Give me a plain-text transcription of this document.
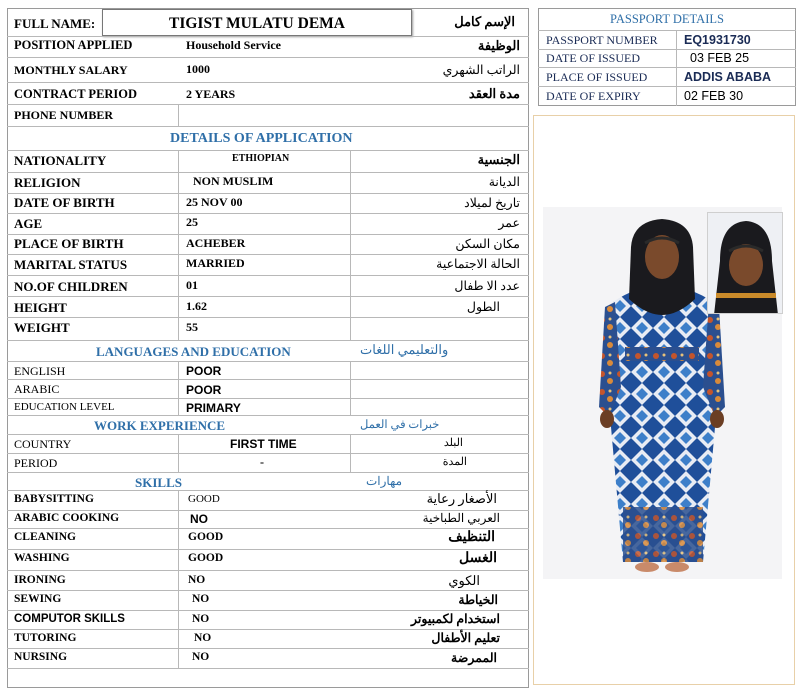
FULL NAME:	TIGIST MULATU DEMA	الإسم كامل
POSITION APPLIED	Household Service	الوظيفة
MONTHLY SALARY	1000	الراتب الشهري
CONTRACT PERIOD	2 YEARS	مدة العقد
PHONE NUMBER
DETAILS OF APPLICATION
NATIONALITY	ETHIOPIAN	الجنسية
RELIGION	NON MUSLIM	الديانة
DATE OF BIRTH	25 NOV 00	تاريخ لميلاد
AGE	25	عمر
PLACE OF BIRTH	ACHEBER	مكان السكن
MARITAL STATUS	MARRIED	الحالة الاجتماعية
NO.OF CHILDREN	01	عدد الا طفال
HEIGHT	1.62	الطول
WEIGHT	55
LANGUAGES AND EDUCATION	والتعليمي اللغات
ENGLISH	POOR
ARABIC	POOR
EDUCATION LEVEL	PRIMARY
WORK EXPERIENCE	خبرات في العمل
COUNTRY	FIRST TIME	البلد
PERIOD	-	المدة
SKILLS	مهارات
BABYSITTING	GOOD	الأصغار رعاية
ARABIC COOKING	NO	العربي الطباخية
CLEANING	GOOD	التنظيف
WASHING	GOOD	الغسل
IRONING	NO	الكوي
SEWING	NO	الخياطة
COMPUTOR SKILLS	NO	استخدام لكمبيوتر
TUTORING	NO	تعليم الأطفال
NURSING	NO	الممرضة
PASSPORT DETAILS
PASSPORT NUMBER EQ1931730
DATE OF ISSUED	03 FEB 25
PLACE OF ISSUED	ADDIS ABABA
DATE OF EXPIRY	02 FEB 30
